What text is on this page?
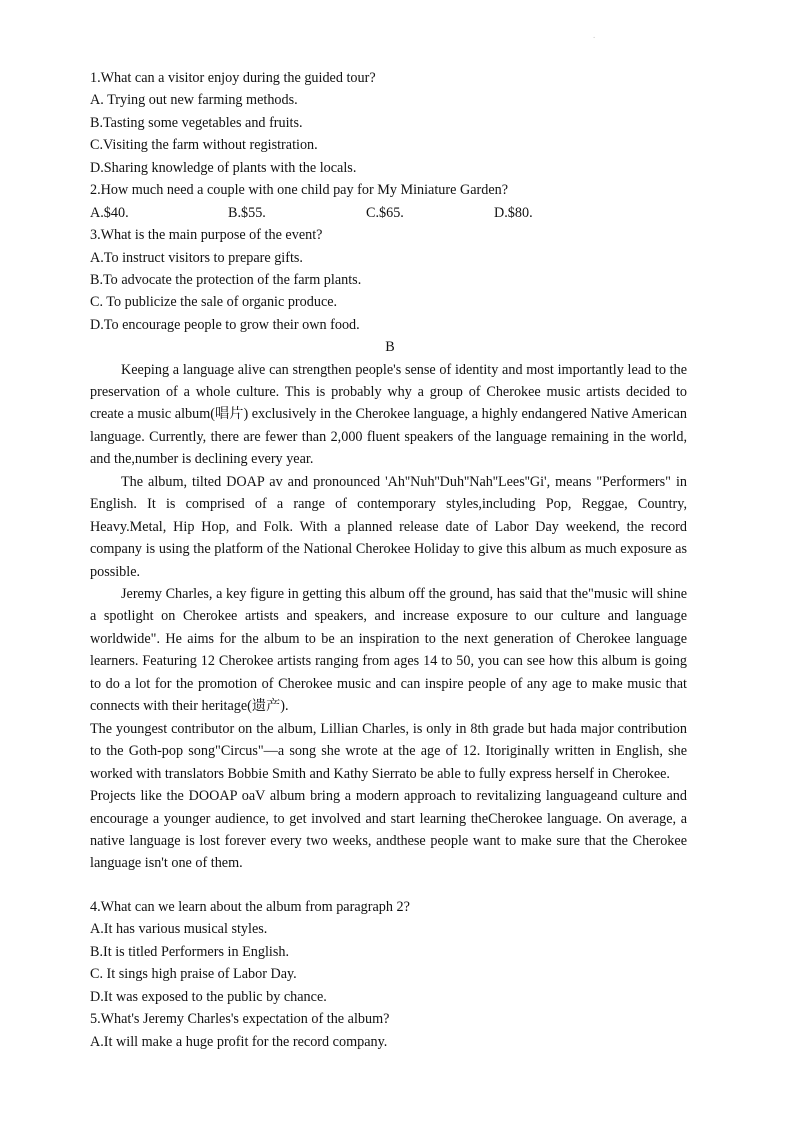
.
1.What can a visitor enjoy during the guided tour?
A. Trying out new farming methods.
B.Tasting some vegetables and fruits.
C.Visiting the farm without registration.
D.Sharing knowledge of plants with the locals.
2.How much need a couple with one child pay for My Miniature Garden?
A.$40.	B.$55.	C.$65.	D.$80.
3.What is the main purpose of the event?
A.To instruct visitors to prepare gifts.
B.To advocate the protection of the farm plants.
C. To publicize the sale of organic produce.
D.To encourage people to grow their own food.
B

Keeping a language alive can strengthen people's sense of identity and most importantly lead to the preservation of a whole culture. This is probably why a group of Cherokee music artists decided to create a music album(唱片) exclusively in the Cherokee language, a highly endangered Native American language. Currently, there are fewer than 2,000 fluent speakers of the language remaining in the world, and the,number is declining every year.

The album, tilted DOAP av and pronounced 'Ah''Nuh''Duh''Nah''Lees''Gi', means "Performers" in English. It is comprised of a range of contemporary styles,including Pop, Reggae, Country, Heavy.Metal, Hip Hop, and Folk. With a planned release date of Labor Day weekend, the record company is using the platform of the National Cherokee Holiday to give this album as much exposure as possible.

Jeremy Charles, a key figure in getting this album off the ground, has said that the"music will shine a spotlight on Cherokee artists and speakers, and increase exposure to our culture and language worldwide". He aims for the album to be an inspiration to the next generation of Cherokee language learners. Featuring 12 Cherokee artists ranging from ages 14 to 50, you can see how this album is going to do a lot for the promotion of Cherokee music and can inspire people of any age to make music that connects with their heritage(遗产).

The youngest contributor on the album, Lillian Charles, is only in 8th grade but hada major contribution to the Goth-pop song"Circus"—a song she wrote at the age of 12. Itoriginally written in English, she worked with translators Bobbie Smith and Kathy Sierrato be able to fully express herself in Cherokee.

Projects like the DOOAP oaV album bring a modern approach to revitalizing languageand culture and encourage a younger audience, to get involved and start learning theCherokee language. On average, a native language is lost forever every two weeks, andthese people want to make sure that the Cherokee language isn't one of them.

4.What can we learn about the album from paragraph 2?
A.It has various musical styles.
B.It is titled Performers in English.
C. It sings high praise of Labor Day.
D.It was exposed to the public by chance.
5.What's Jeremy Charles's expectation of the album?
A.It will make a huge profit for the record company.
